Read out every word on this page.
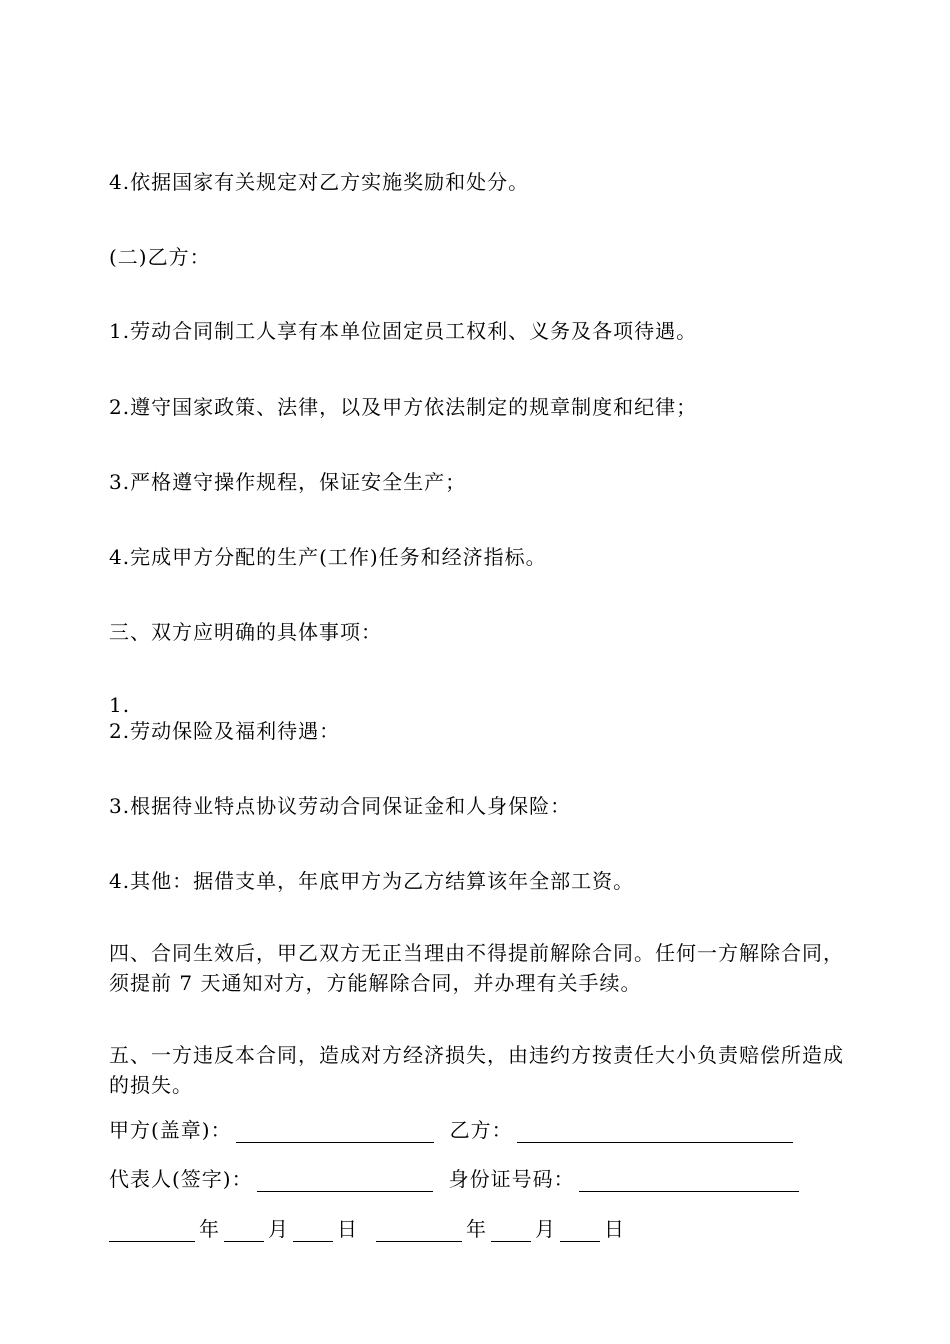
4.依据国家有关规定对乙方实施奖励和处分。
(二)乙方：
1.劳动合同制工人享有本单位固定员工权利、义务及各项待遇。
2.遵守国家政策、法律，以及甲方依法制定的规章制度和纪律；
3.严格遵守操作规程，保证安全生产；
4.完成甲方分配的生产(工作)任务和经济指标。
三、双方应明确的具体事项：
1.
2.劳动保险及福利待遇：
3.根据待业特点协议劳动合同保证金和人身保险：
4.其他：据借支单，年底甲方为乙方结算该年全部工资。
四、合同生效后，甲乙双方无正当理由不得提前解除合同。任何一方解除合同，须提前 7 天通知对方，方能解除合同，并办理有关手续。
五、一方违反本合同，造成对方经济损失，由违约方按责任大小负责赔偿所造成的损失。
甲方(盖章)：	乙方：
代表人(签字)：	身份证号码：
年 月 日	年 月 日
